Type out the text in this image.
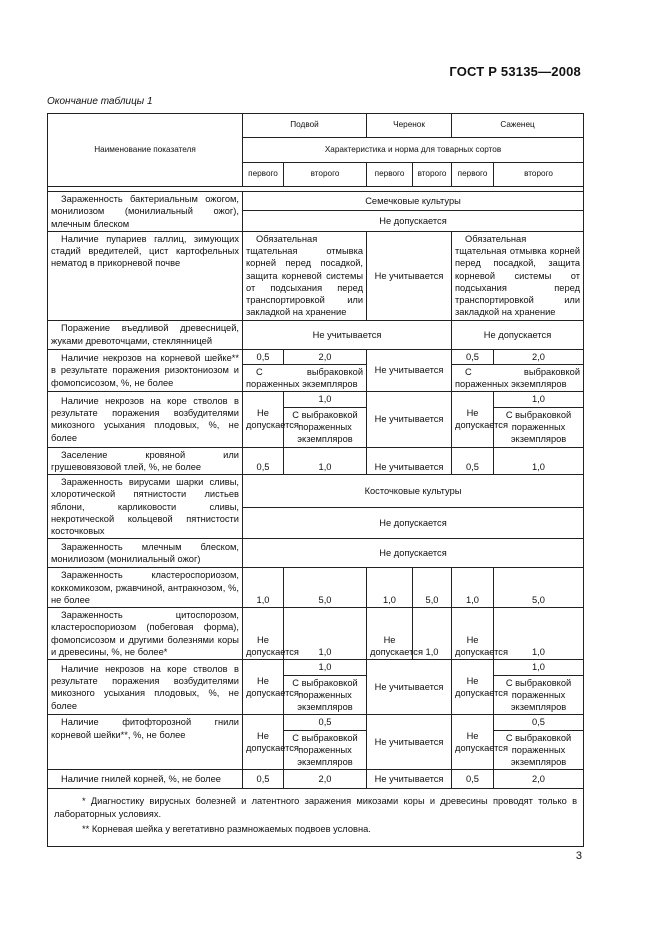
ГОСТ Р 53135—2008
Окончание таблицы 1
Наименование показателя	Подвой		Черенок		Саженец	
	Характеристика и норма для товарных сортов					
	первого	второго	первого	второго	первого	второго

Зараженность бактериальным ожогом, монилиозом (монилиальный ожог), млечным блеском	Семечковые культуры					
	Не допускается					
Наличие пупариев галлиц, зимующих стадий вредителей, цист картофельных нематод в прикорневой почве	Обязательная тщательная отмывка корней перед посадкой, защита корневой системы от подсыхания перед транспортировкой или закладкой на хранение		Не учитывается		Обязательная тщательная отмывка корней перед посадкой, защита корневой системы от подсыхания перед транспортировкой или закладкой на хранение	
Поражение въедливой древесницей, жуками древоточцами, стеклянницей	Не учитывается				Не допускается	
Наличие некрозов на корневой шейке** в результате поражения ризоктониозом и фомопсисозом, %, не более	0,5	2,0	Не учитывается		0,5	2,0
	С выбраковкой пораженных экземпляров				С выбраковкой пораженных экземпляров	
Наличие некрозов на коре стволов в результате поражения возбудителями микозного усыхания плодовых, %, не более	Не допускается	1,0	Не учитывается		Не допускается	1,0
		С выбраковкой пораженных экземпляров				С выбраковкой пораженных экземпляров
Заселение кровяной или грушевовязовой тлей, %, не более	0,5	1,0	Не учитывается		0,5	1,0
Зараженность вирусами шарки сливы, хлоротической пятнистости листьев яблони, карликовости сливы, некротической кольцевой пятнистости косточковых	Косточковые культуры					
	Не допускается					
Зараженность млечным блеском, монилиозом (монилиальный ожог)	Не допускается					
Зараженность кластероспориозом, коккомикозом, ржавчиной, антракнозом, %, не более	1,0	5,0	1,0	5,0	1,0	5,0
Зараженность цитоспорозом, кластероспориозом (побеговая форма), фомопсисозом и другими болезнями коры и древесины, %, не более*	Не допускается	1,0	Не допускается	1,0	Не допускается	1,0
Наличие некрозов на коре стволов в результате поражения возбудителями микозного усыхания плодовых, %, не более	Не допускается	1,0	Не учитывается		Не допускается	1,0
		С выбраковкой пораженных экземпляров				С выбраковкой пораженных экземпляров
Наличие фитофторозной гнили корневой шейки**, %, не более	Не допускается	0,5	Не учитывается		Не допускается	0,5
		С выбраковкой пораженных экземпляров				С выбраковкой пораженных экземпляров
Наличие гнилей корней, %, не более	0,5	2,0	Не учитывается		0,5	2,0

* Диагностику вирусных болезней и латентного заражения микозами коры и древесины проводят только в лабораторных условиях.

** Корневая шейка у вегетативно размножаемых подвоев условна.						

3
